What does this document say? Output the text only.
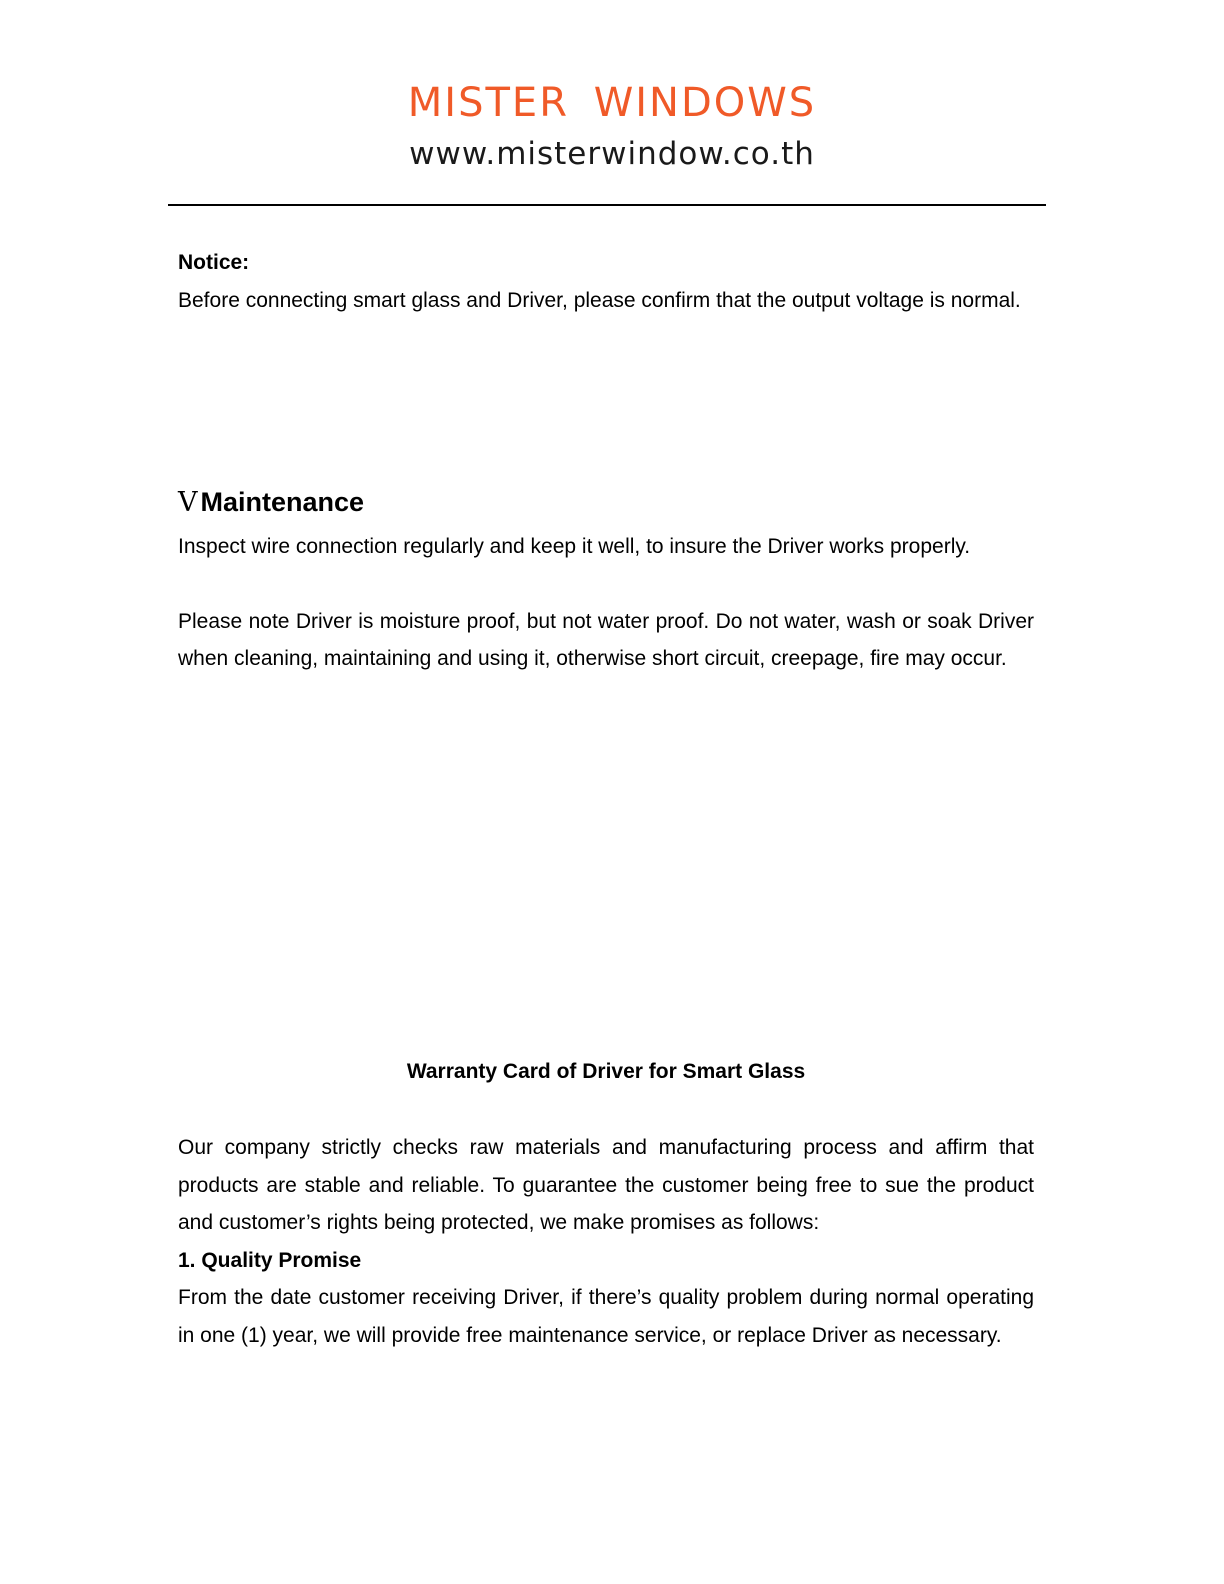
MISTER WINDOWS
www.misterwindow.co.th
Notice:

Before connecting smart glass and Driver, please confirm that the output voltage is normal.

Ⅴ Maintenance

Inspect wire connection regularly and keep it well, to insure the Driver works properly.

Please note Driver is moisture proof, but not water proof. Do not water, wash or soak Driver when cleaning, maintaining and using it, otherwise short circuit, creepage, fire may occur.

Warranty Card of Driver for Smart Glass

Our company strictly checks raw materials and manufacturing process and affirm that products are stable and reliable. To guarantee the customer being free to sue the product and customer’s rights being protected, we make promises as follows:

1. Quality Promise

From the date customer receiving Driver, if there’s quality problem during normal operating in one (1) year, we will provide free maintenance service, or replace Driver as necessary.
